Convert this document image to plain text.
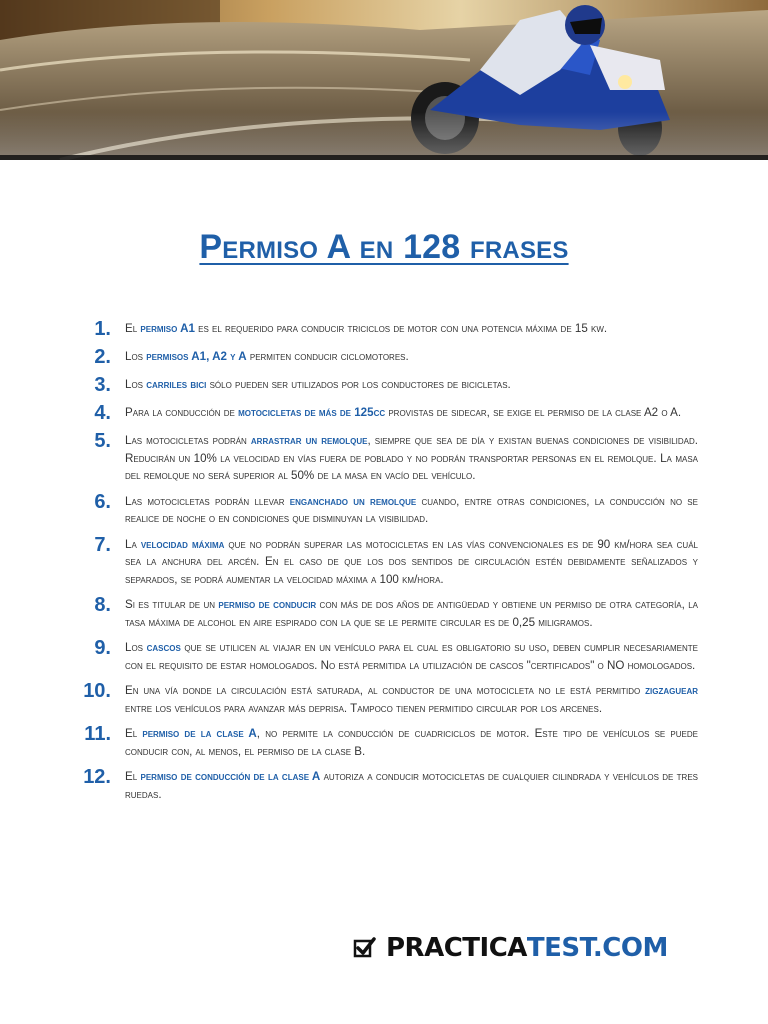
Permiso A en 128 frases
1.	El permiso A1 es el requerido para conducir triciclos de motor con una potencia máxima de 15 kw.
2.	Los permisos A1, A2 y A permiten conducir ciclomotores.
3.	Los carriles bici sólo pueden ser utilizados por los conductores de bicicletas.
4.	Para la conducción de motocicletas de más de 125cc provistas de sidecar, se exige el permiso de la clase A2 o A.
5.	Las motocicletas podrán arrastrar un remolque, siempre que sea de día y existan buenas condiciones de visibilidad. Reducirán un 10% la velocidad en vías fuera de poblado y no podrán transportar personas en el remolque. La masa del remolque no será superior al 50% de la masa en vacío del vehículo.
6.	Las motocicletas podrán llevar enganchado un remolque cuando, entre otras condiciones, la conducción no se realice de noche o en condiciones que disminuyan la visibilidad.
7.	La velocidad máxima que no podrán superar las motocicletas en las vías convencionales es de 90 km/hora sea cuál sea la anchura del arcén. En el caso de que los dos sentidos de circulación estén debidamente señalizados y separados, se podrá aumentar la velocidad máxima a 100 km/hora.
8.	Si es titular de un permiso de conducir con más de dos años de antigüedad y obtiene un permiso de otra categoría, la tasa máxima de alcohol en aire espirado con la que se le permite circular es de 0,25 miligramos.
9.	Los cascos que se utilicen al viajar en un vehículo para el cual es obligatorio su uso, deben cumplir necesariamente con el requisito de estar homologados. No está permitida la utilización de cascos "certificados" o NO homologados.
10.	En una vía donde la circulación está saturada, al conductor de una motocicleta no le está permitido zigzaguear entre los vehículos para avanzar más deprisa. Tampoco tienen permitido circular por los arcenes.
11.	El permiso de la clase A, no permite la conducción de cuadriciclos de motor. Este tipo de vehículos se puede conducir con, al menos, el permiso de la clase B.
12.	El permiso de conducción de la clase A autoriza a conducir motocicletas de cualquier cilindrada y vehículos de tres ruedas.
PRACTICA TEST.COM
